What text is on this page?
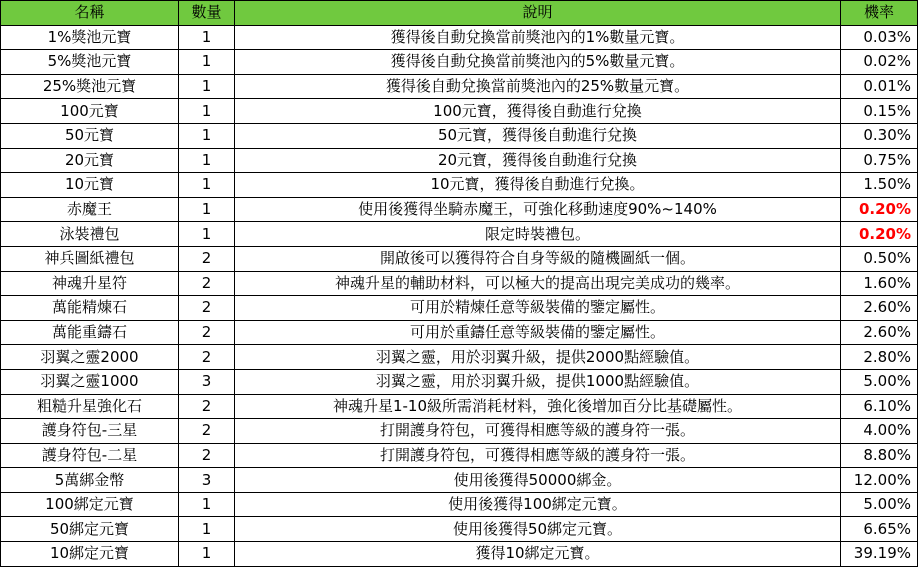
名稱	數量	說明	機率
1%獎池元寶	1	獲得後自動兌換當前獎池內的1%數量元寶。	0.03%
5%獎池元寶	1	獲得後自動兌換當前獎池內的5%數量元寶。	0.02%
25%獎池元寶	1	獲得後自動兌換當前獎池內的25%數量元寶。	0.01%
100元寶	1	100元寶，獲得後自動進行兌換	0.15%
50元寶	1	50元寶，獲得後自動進行兌換	0.30%
20元寶	1	20元寶，獲得後自動進行兌換	0.75%
10元寶	1	10元寶，獲得後自動進行兌換。	1.50%
赤魔王	1	使用後獲得坐騎赤魔王，可強化移動速度90%~140%	0.20%
泳裝禮包	1	限定時裝禮包。	0.20%
神兵圖紙禮包	2	開啟後可以獲得符合自身等級的隨機圖紙一個。	0.50%
神魂升星符	2	神魂升星的輔助材料，可以極大的提高出現完美成功的幾率。	1.60%
萬能精煉石	2	可用於精煉任意等級裝備的鑒定屬性。	2.60%
萬能重鑄石	2	可用於重鑄任意等級裝備的鑒定屬性。	2.60%
羽翼之靈2000	2	羽翼之靈，用於羽翼升級，提供2000點經驗值。	2.80%
羽翼之靈1000	3	羽翼之靈，用於羽翼升級，提供1000點經驗值。	5.00%
粗糙升星強化石	2	神魂升星1-10級所需消耗材料，強化後增加百分比基礎屬性。	6.10%
護身符包-三星	2	打開護身符包，可獲得相應等級的護身符一張。	4.00%
護身符包-二星	2	打開護身符包，可獲得相應等級的護身符一張。	8.80%
5萬綁金幣	3	使用後獲得50000綁金。	12.00%
100綁定元寶	1	使用後獲得100綁定元寶。	5.00%
50綁定元寶	1	使用後獲得50綁定元寶。	6.65%
10綁定元寶	1	獲得10綁定元寶。	39.19%
